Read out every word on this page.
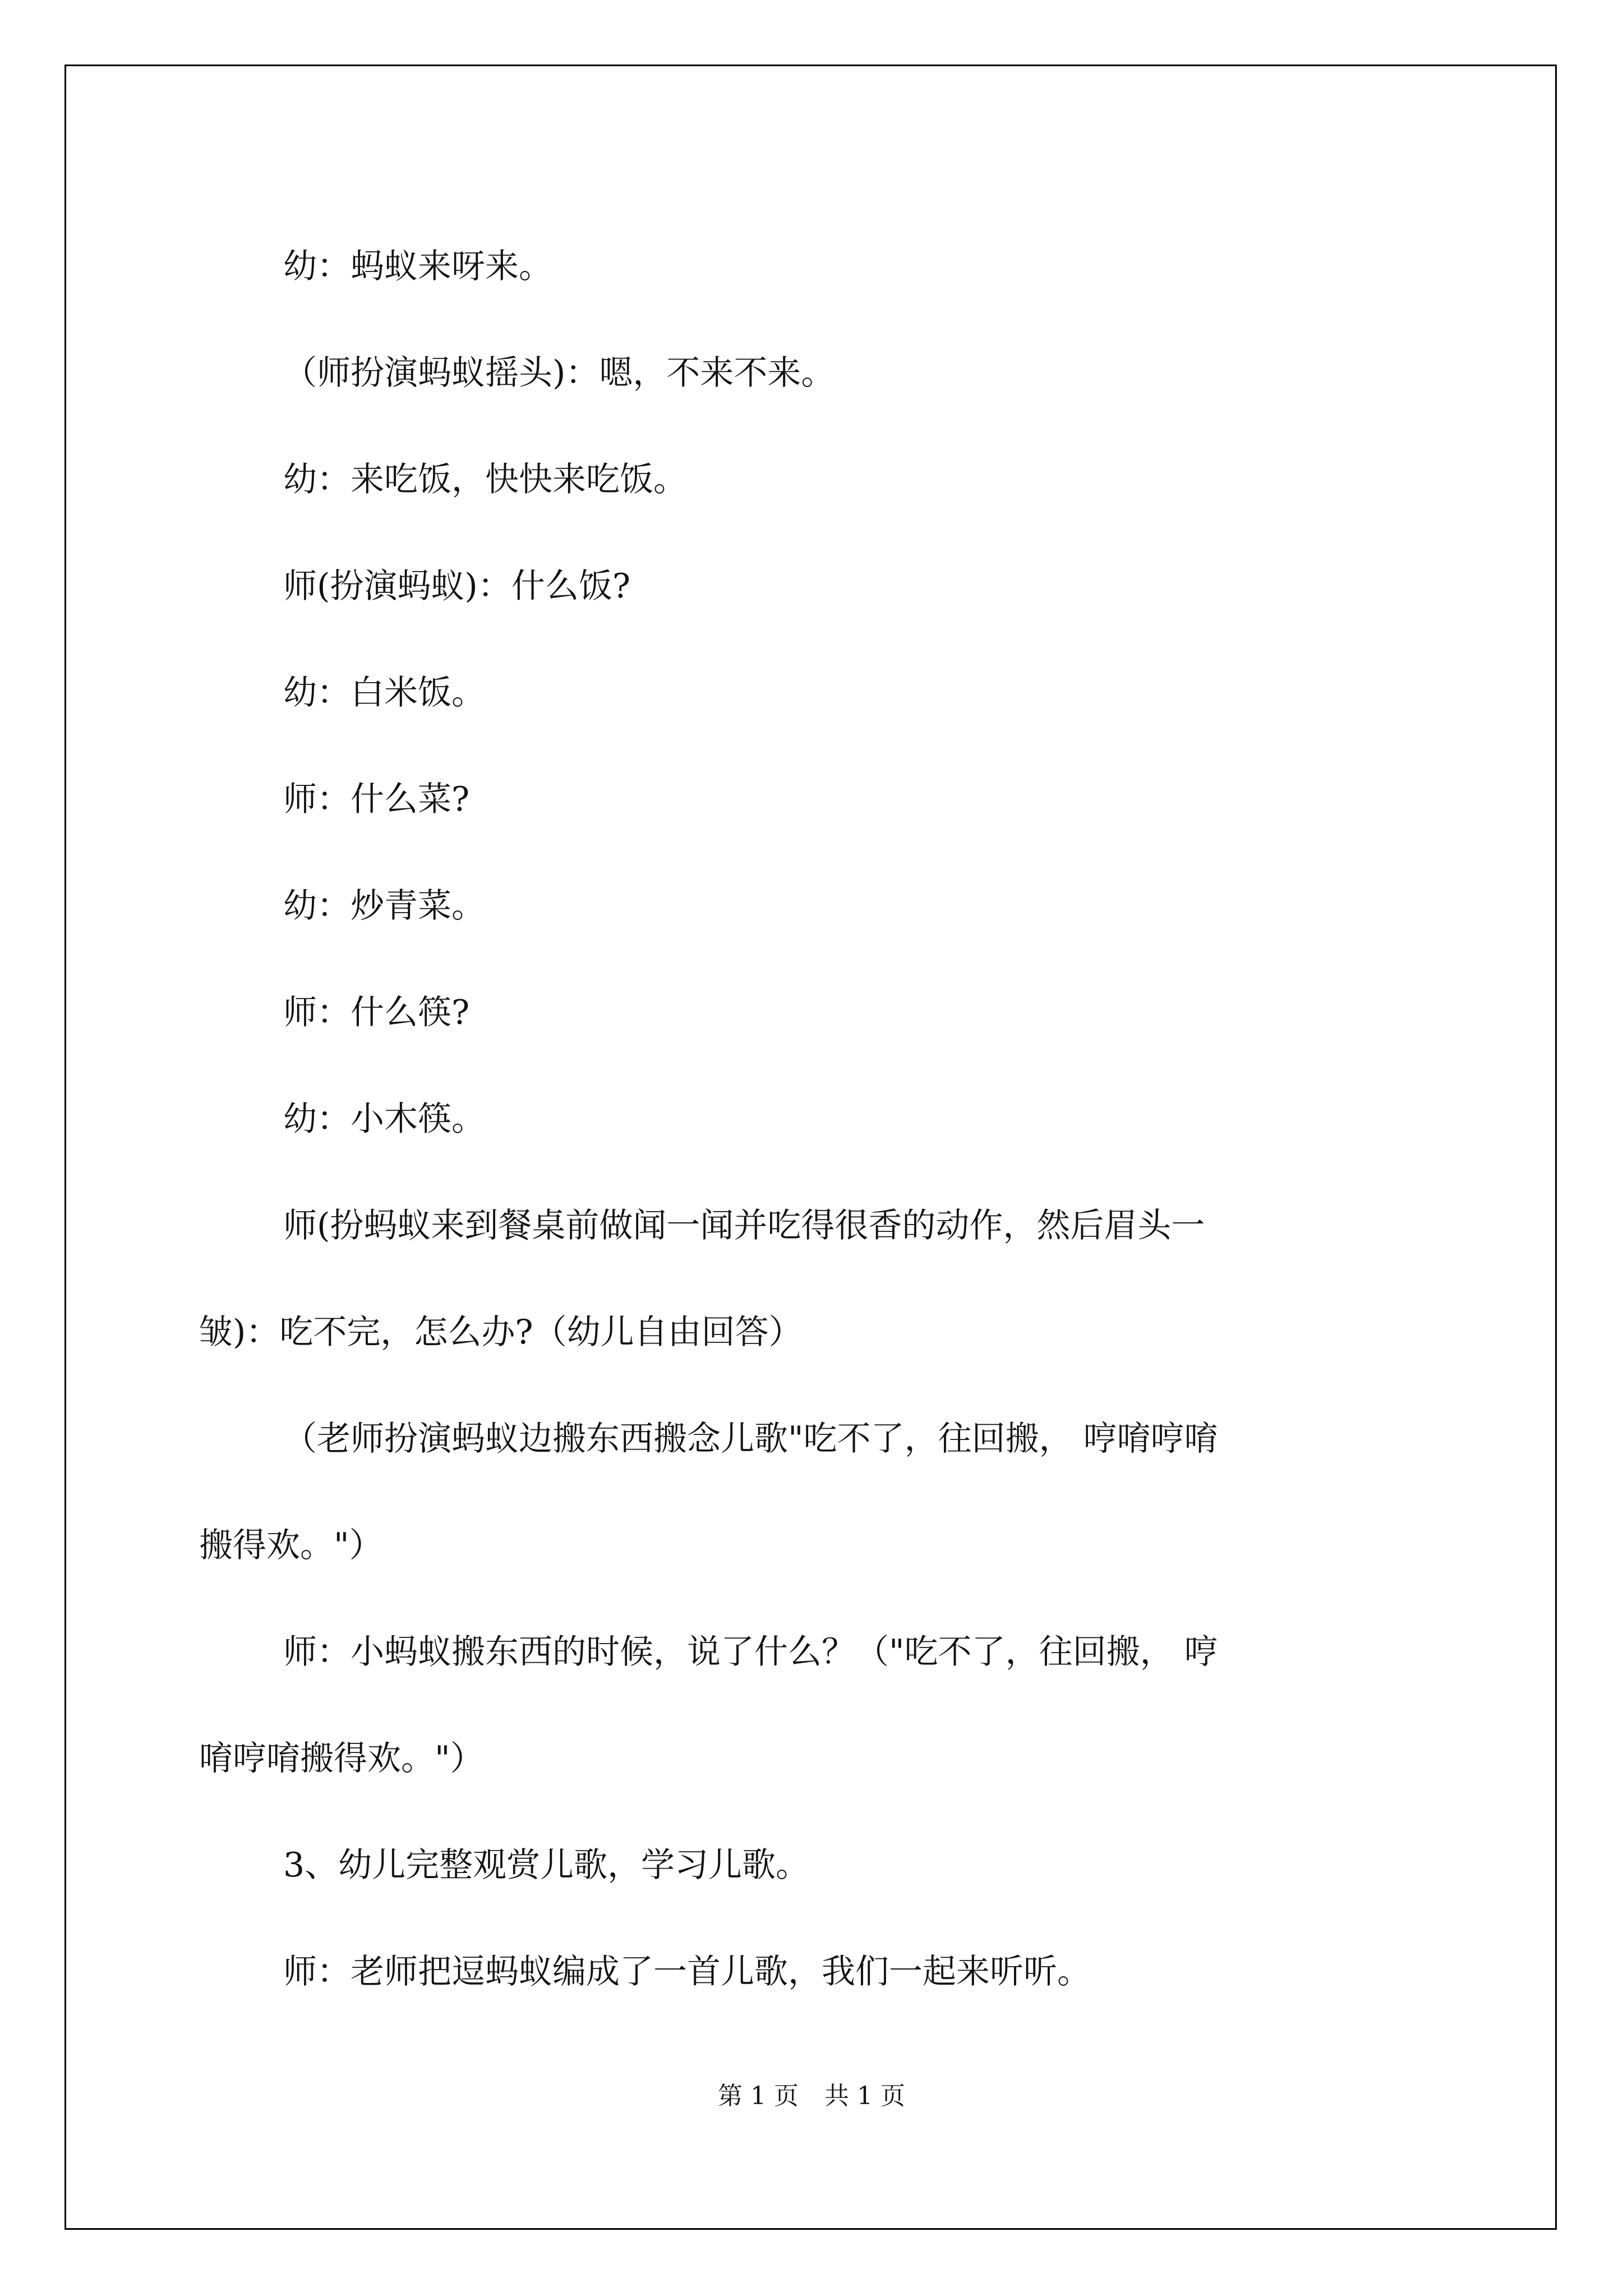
幼：蚂蚁来呀来。

（师扮演蚂蚁摇头)：嗯，不来不来。

幼：来吃饭，快快来吃饭。

师(扮演蚂蚁)：什么饭?

幼：白米饭。

师：什么菜?

幼：炒青菜。

师：什么筷?

幼：小木筷。

师(扮蚂蚁来到餐桌前做闻一闻并吃得很香的动作，然后眉头一

皱)：吃不完，怎么办?（幼儿自由回答）

（老师扮演蚂蚁边搬东西搬念儿歌"吃不了，往回搬， 哼唷哼唷

搬得欢。"）

师：小蚂蚁搬东西的时候，说了什么？（"吃不了，往回搬， 哼

唷哼唷搬得欢。"）

3、幼儿完整观赏儿歌，学习儿歌。

师：老师把逗蚂蚁编成了一首儿歌，我们一起来听听。

第 1 页 共 1 页
